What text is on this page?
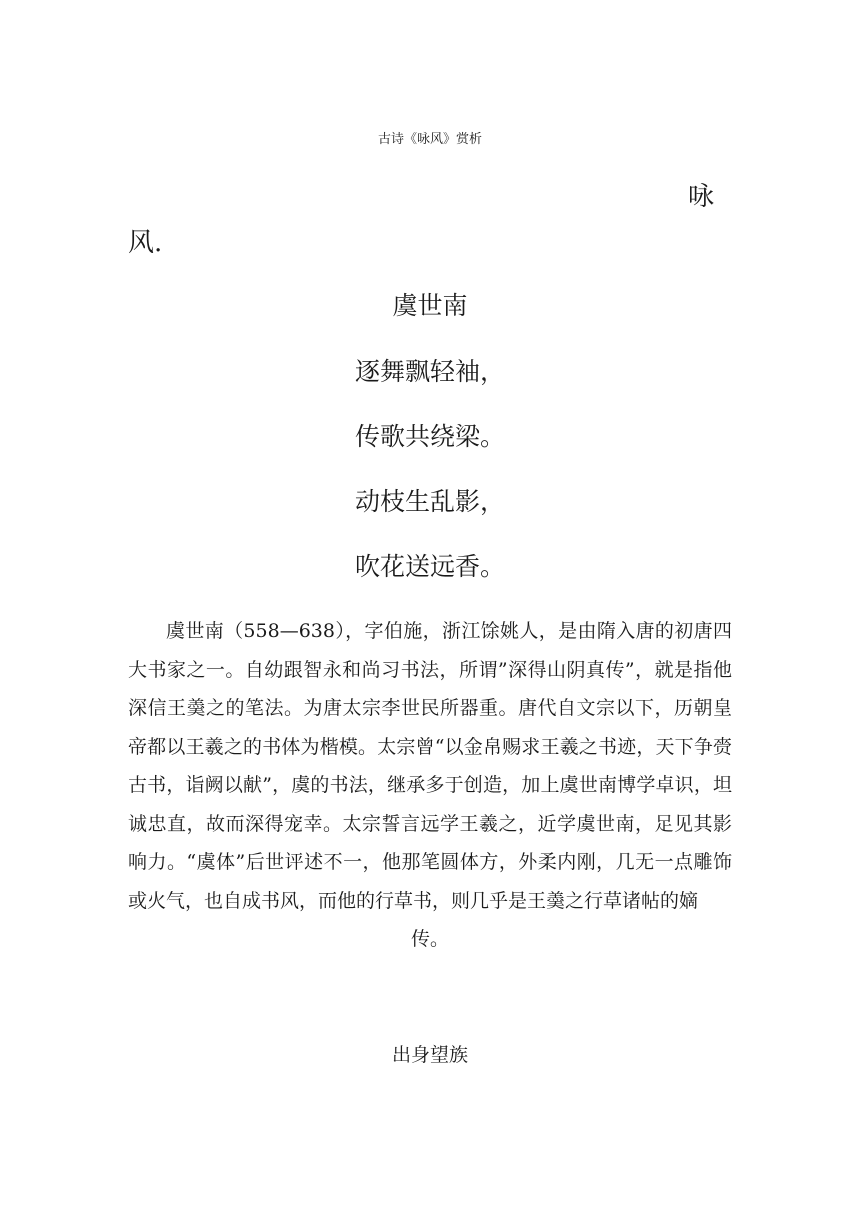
古诗《咏风》赏析
咏
风.
虞世南
逐舞飘轻袖，
传歌共绕梁。
动枝生乱影，
吹花送远香。

虞世南（558—638），字伯施，浙江馀姚人，是由隋入唐的初唐四大书家之一。自幼跟智永和尚习书法，所谓”深得山阴真传”，就是指他深信王羮之的笔法。为唐太宗李世民所器重。唐代自文宗以下，历朝皇 帝都以王羲之的书体为楷模。太宗曾“以金帛赐求王羲之书迹，天下争赍古书，诣阙以献”，虞的书法，继承多于创造，加上虞世南博学卓识，坦诚忠直，故而深得宠幸。太宗誓言远学王羲之，近学虞世南，足见其影响力。“虞体”后世评述不一，他那笔圆体方，外柔内刚，几无一点雕饰或火气，也自成书风，而他的行草书，则几乎是王羮之行草诸帖的嫡

传。

出身望族
